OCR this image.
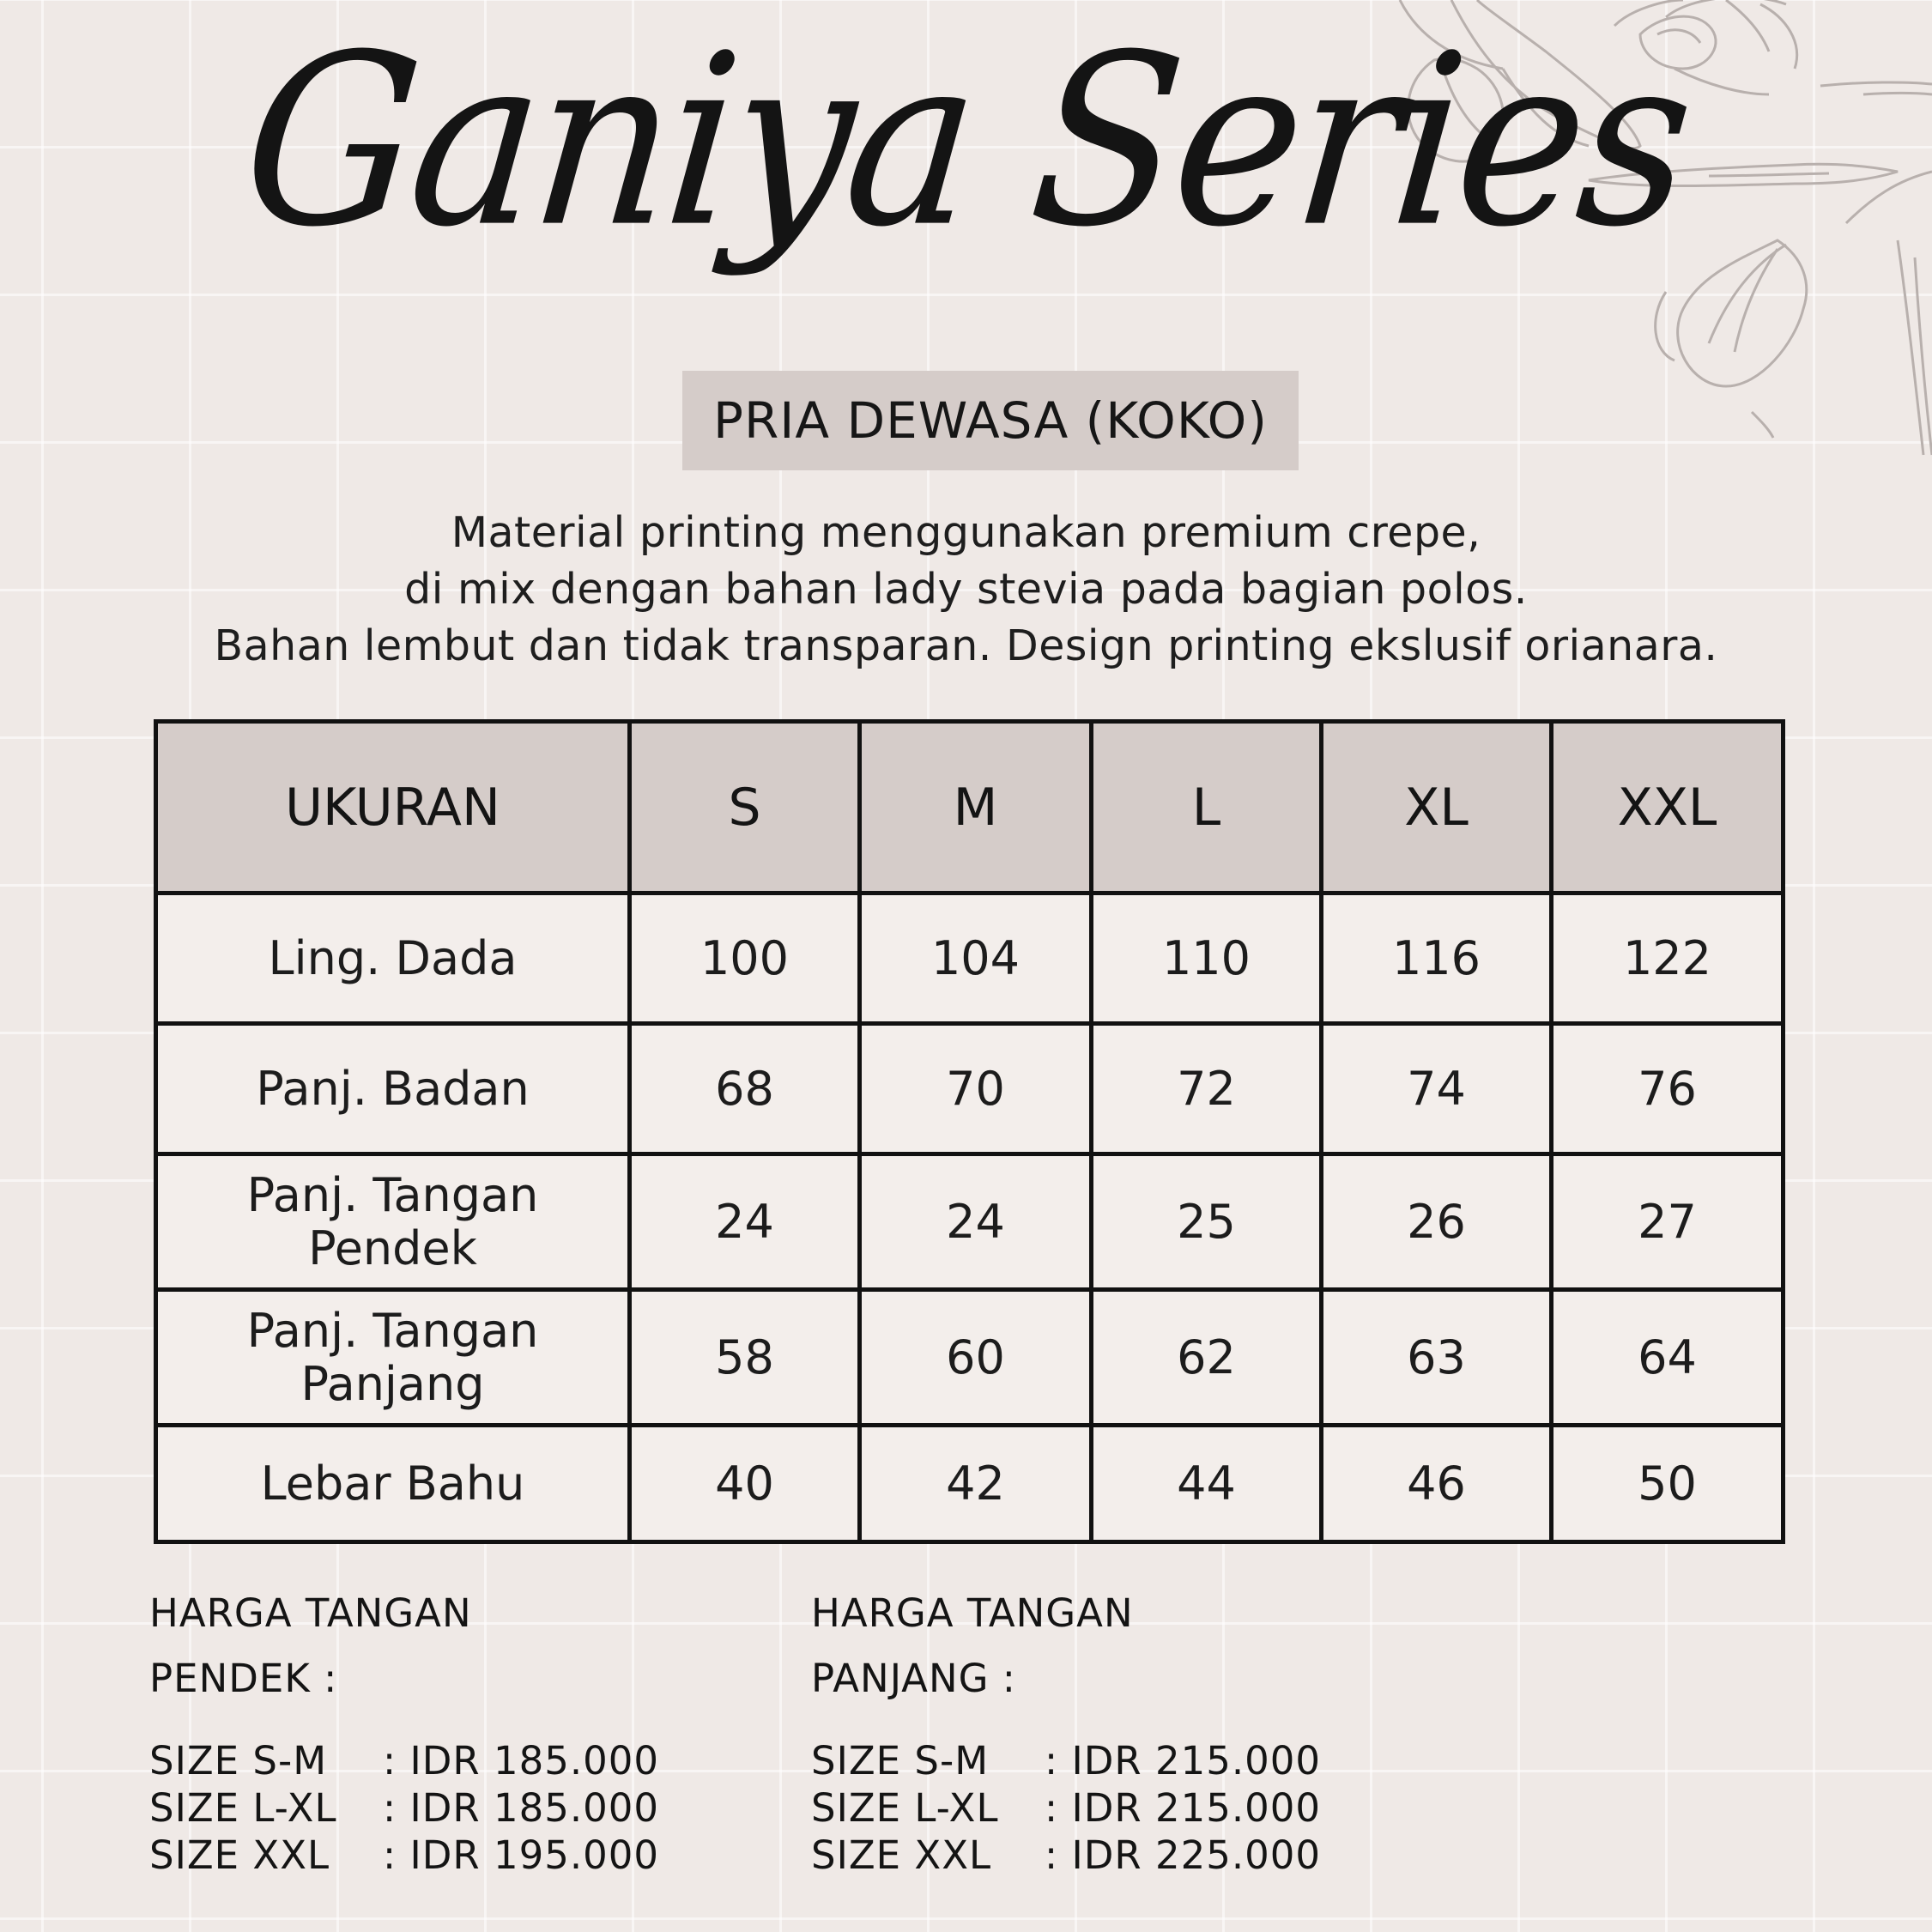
Ganiya Series
PRIA DEWASA (KOKO)
Material printing menggunakan premium crepe,
di mix dengan bahan lady stevia pada bagian polos.
Bahan lembut dan tidak transparan. Design printing ekslusif orianara.
UKURAN	S	M	L	XL	XXL
Ling. Dada	100	104	110	116	122
Panj. Badan	68	70	72	74	76
Panj. Tangan Pendek	24	24	25	26	27
Panj. Tangan Panjang	58	60	62	63	64
Lebar Bahu	40	42	44	46	50
HARGA TANGAN PENDEK :
SIZE S-M	: IDR 185.000
SIZE L-XL	: IDR 185.000
SIZE XXL	: IDR 195.000
HARGA TANGAN PANJANG :
SIZE S-M	: IDR 215.000
SIZE L-XL	: IDR 215.000
SIZE XXL	: IDR 225.000
